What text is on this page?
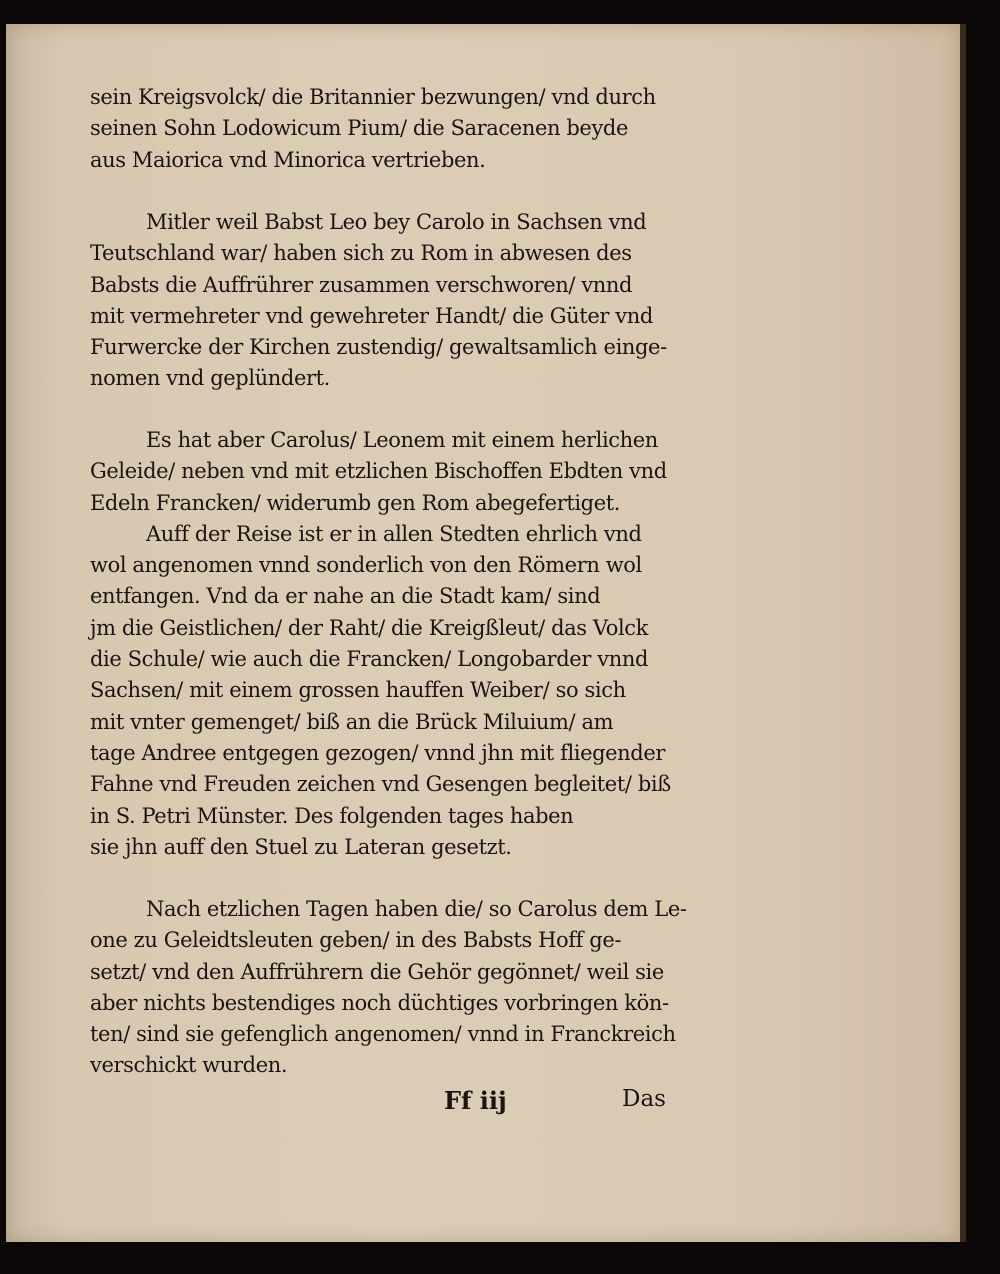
sein Kreigsvolck/ die Britannier bezwungen/ vnd durch
seinen Sohn Lodowicum Pium/ die Saracenen beyde
aus Maiorica vnd Minorica vertrieben.
Mitler weil Babst Leo bey Carolo in Sachsen vnd
Teutschland war/ haben sich zu Rom in abwesen des
Babsts die Auffrührer zusammen verschworen/ vnnd
mit vermehreter vnd gewehreter Handt/ die Güter vnd
Furwercke der Kirchen zustendig/ gewaltsamlich einge-
nomen vnd geplündert.
Es hat aber Carolus/ Leonem mit einem herlichen
Geleide/ neben vnd mit etzlichen Bischoffen Ebdten vnd
Edeln Francken/ widerumb gen Rom abegefertiget.
Auff der Reise ist er in allen Stedten ehrlich vnd
wol angenomen vnnd sonderlich von den Römern wol
entfangen. Vnd da er nahe an die Stadt kam/ sind
jm die Geistlichen/ der Raht/ die Kreigßleut/ das Volck
die Schule/ wie auch die Francken/ Longobarder vnnd
Sachsen/ mit einem grossen hauffen Weiber/ so sich
mit vnter gemenget/ biß an die Brück Miluium/ am
tage Andree entgegen gezogen/ vnnd jhn mit fliegender
Fahne vnd Freuden zeichen vnd Gesengen begleitet/ biß
in S. Petri Münster. Des folgenden tages haben
sie jhn auff den Stuel zu Lateran gesetzt.
Nach etzlichen Tagen haben die/ so Carolus dem Le-
one zu Geleidtsleuten geben/ in des Babsts Hoff ge-
setzt/ vnd den Auffrührern die Gehör gegönnet/ weil sie
aber nichts bestendiges noch düchtiges vorbringen kön-
ten/ sind sie gefenglich angenomen/ vnnd in Franckreich
verschickt wurden.
Ff iij	Das
